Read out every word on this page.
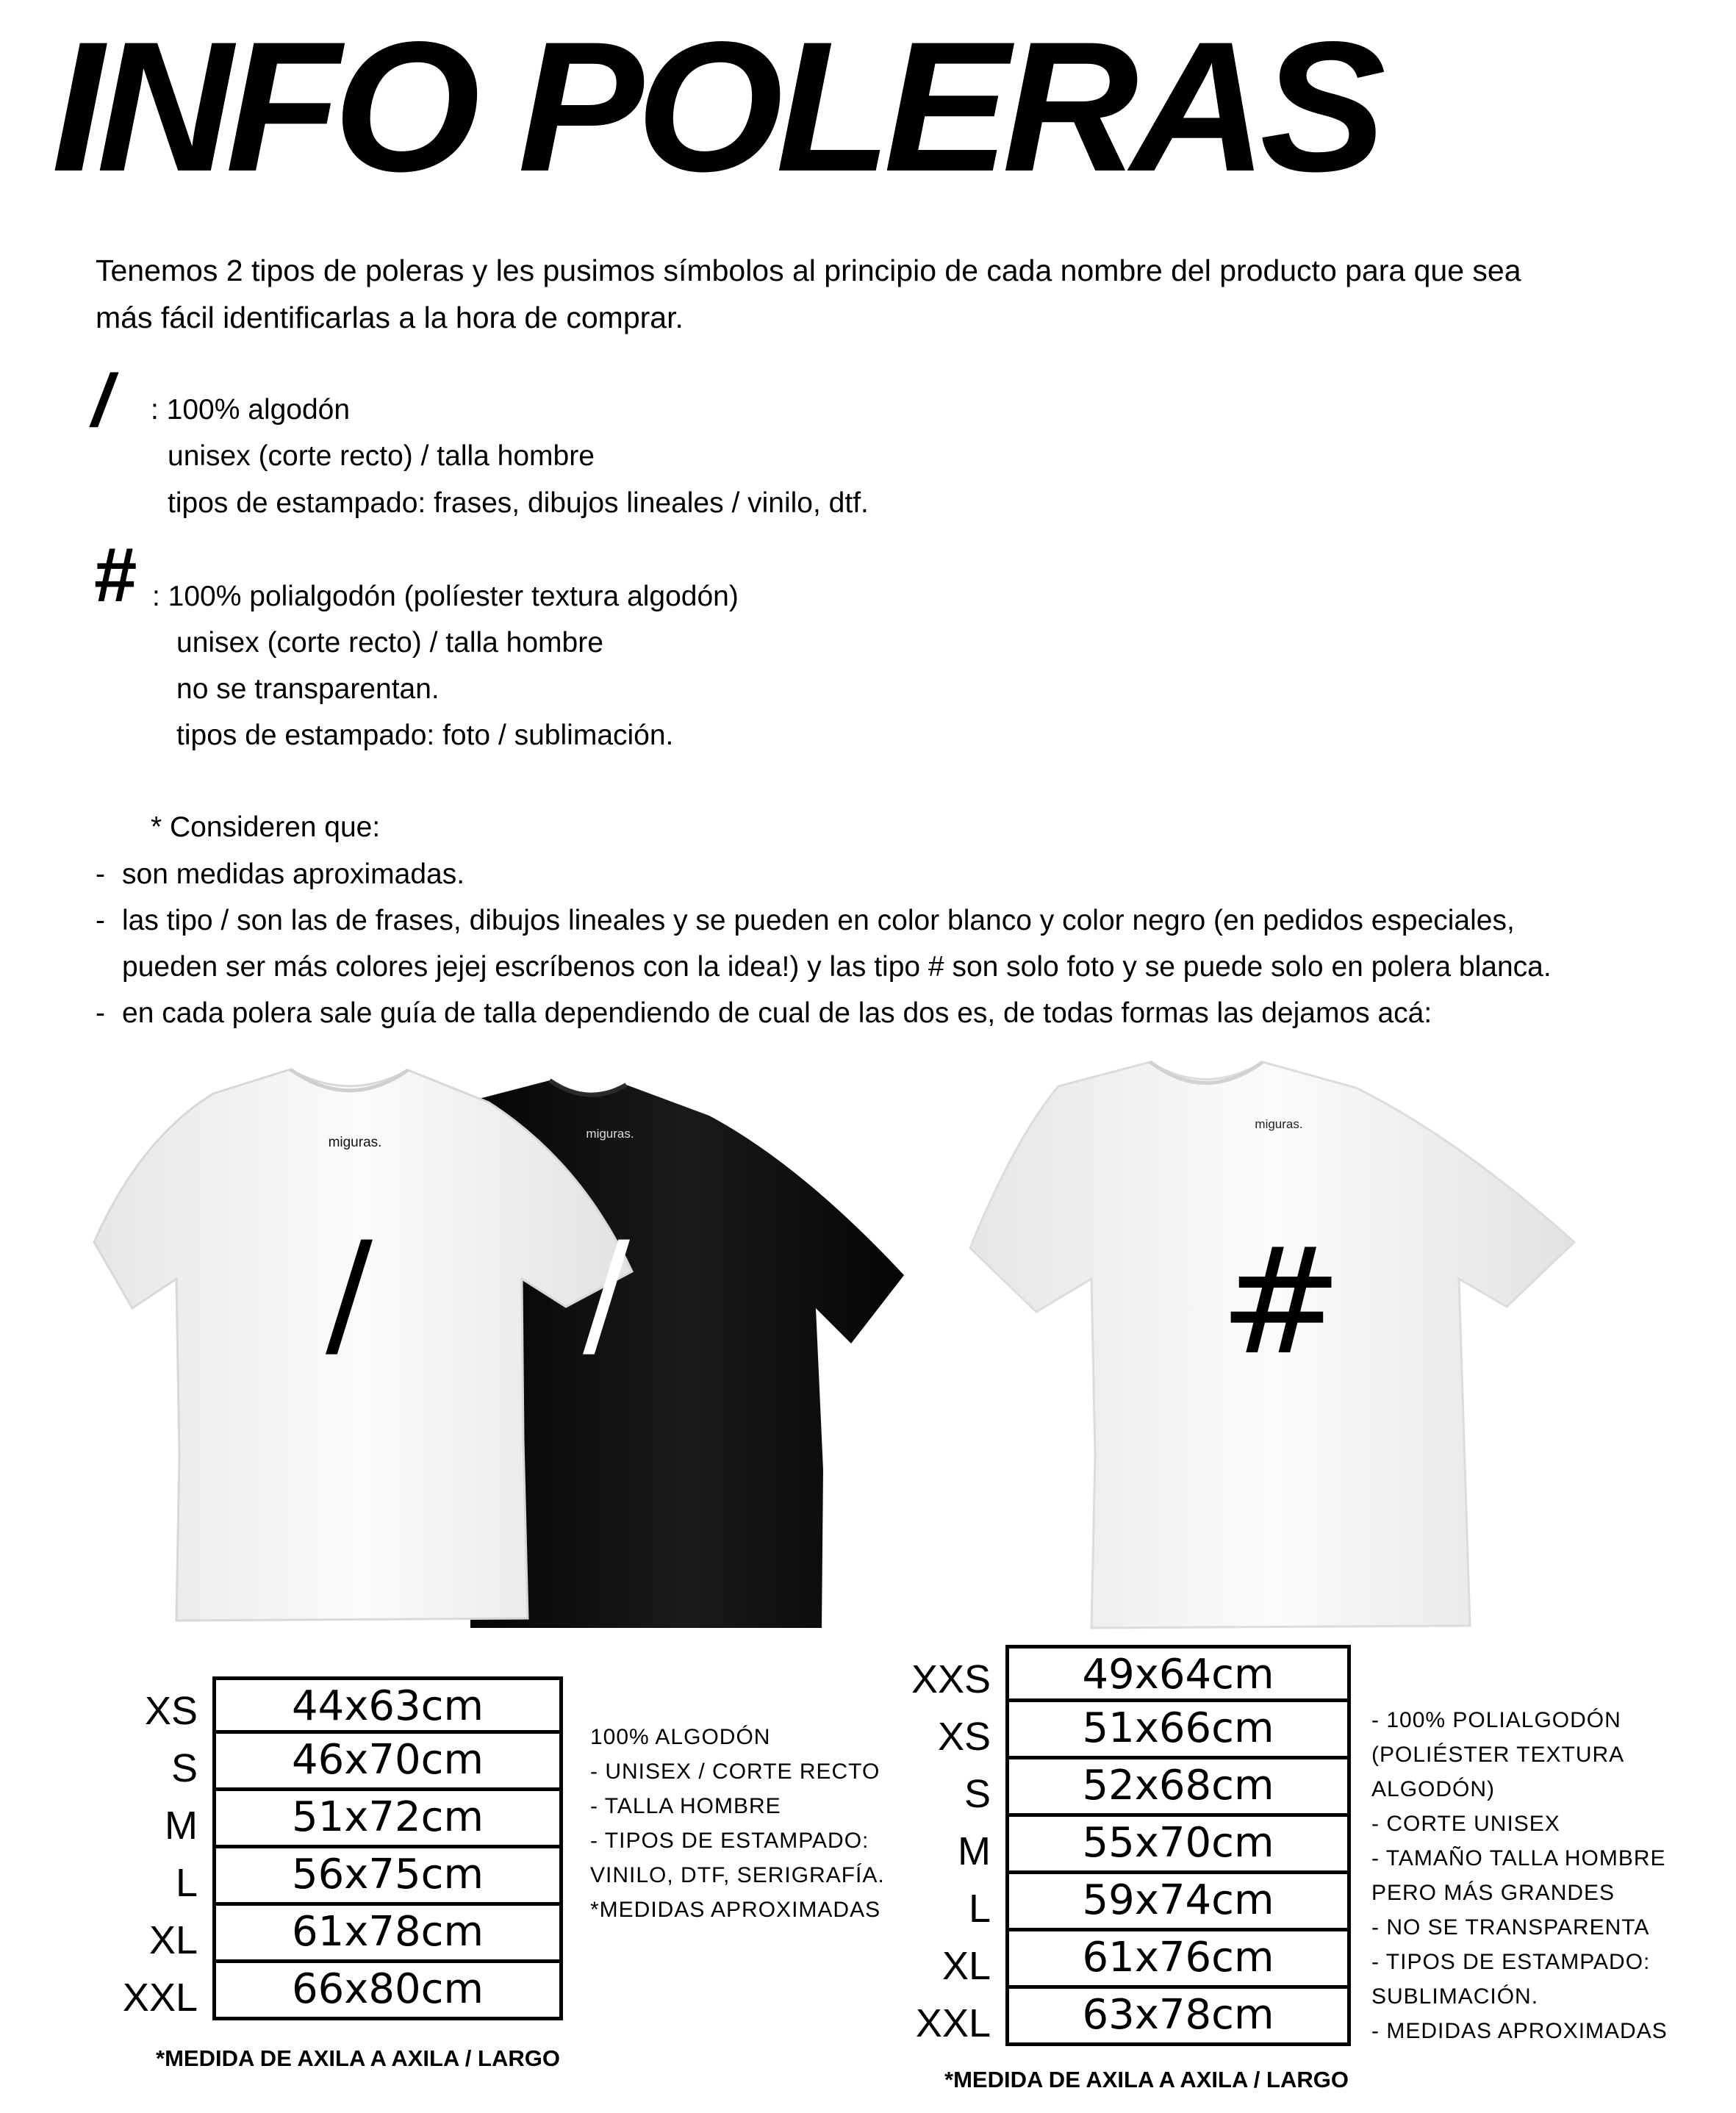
INFO POLERAS
Tenemos 2 tipos de poleras y les pusimos símbolos al principio de cada nombre del producto para que sea
más fácil identificarlas a la hora de comprar.
/ : 100% algodón
unisex (corte recto) / talla hombre
tipos de estampado: frases, dibujos lineales / vinilo, dtf.
# : 100% polialgodón (políester textura algodón)
unisex (corte recto) / talla hombre
no se transparentan.
tipos de estampado: foto / sublimación.
* Consideren que:
- son medidas aproximadas.
- las tipo / son las de frases, dibujos lineales y se pueden en color blanco y color negro (en pedidos especiales,
pueden ser más colores jejej escríbenos con la idea!) y las tipo # son solo foto y se puede solo en polera blanca.
- en cada polera sale guía de talla dependiendo de cual de las dos es, de todas formas las dejamos acá:
miguras.
miguras.
miguras.
/ /	#
XS	44x63cm
S	46x70cm
M	51x72cm
L	56x75cm
XL	61x78cm
XXL	66x80cm
100% ALGODÓN
- UNISEX / CORTE RECTO
- TALLA HOMBRE
- TIPOS DE ESTAMPADO:
VINILO, DTF, SERIGRAFÍA.
*MEDIDAS APROXIMADAS
*MEDIDA DE AXILA A AXILA / LARGO
XXS	49x64cm
XS	51x66cm
S	52x68cm
M	55x70cm
L	59x74cm
XL	61x76cm
XXL	63x78cm
- 100% POLIALGODÓN
(POLIÉSTER TEXTURA
ALGODÓN)
- CORTE UNISEX
- TAMAÑO TALLA HOMBRE
PERO MÁS GRANDES
- NO SE TRANSPARENTA
- TIPOS DE ESTAMPADO:
SUBLIMACIÓN.
- MEDIDAS APROXIMADAS
*MEDIDA DE AXILA A AXILA / LARGO
